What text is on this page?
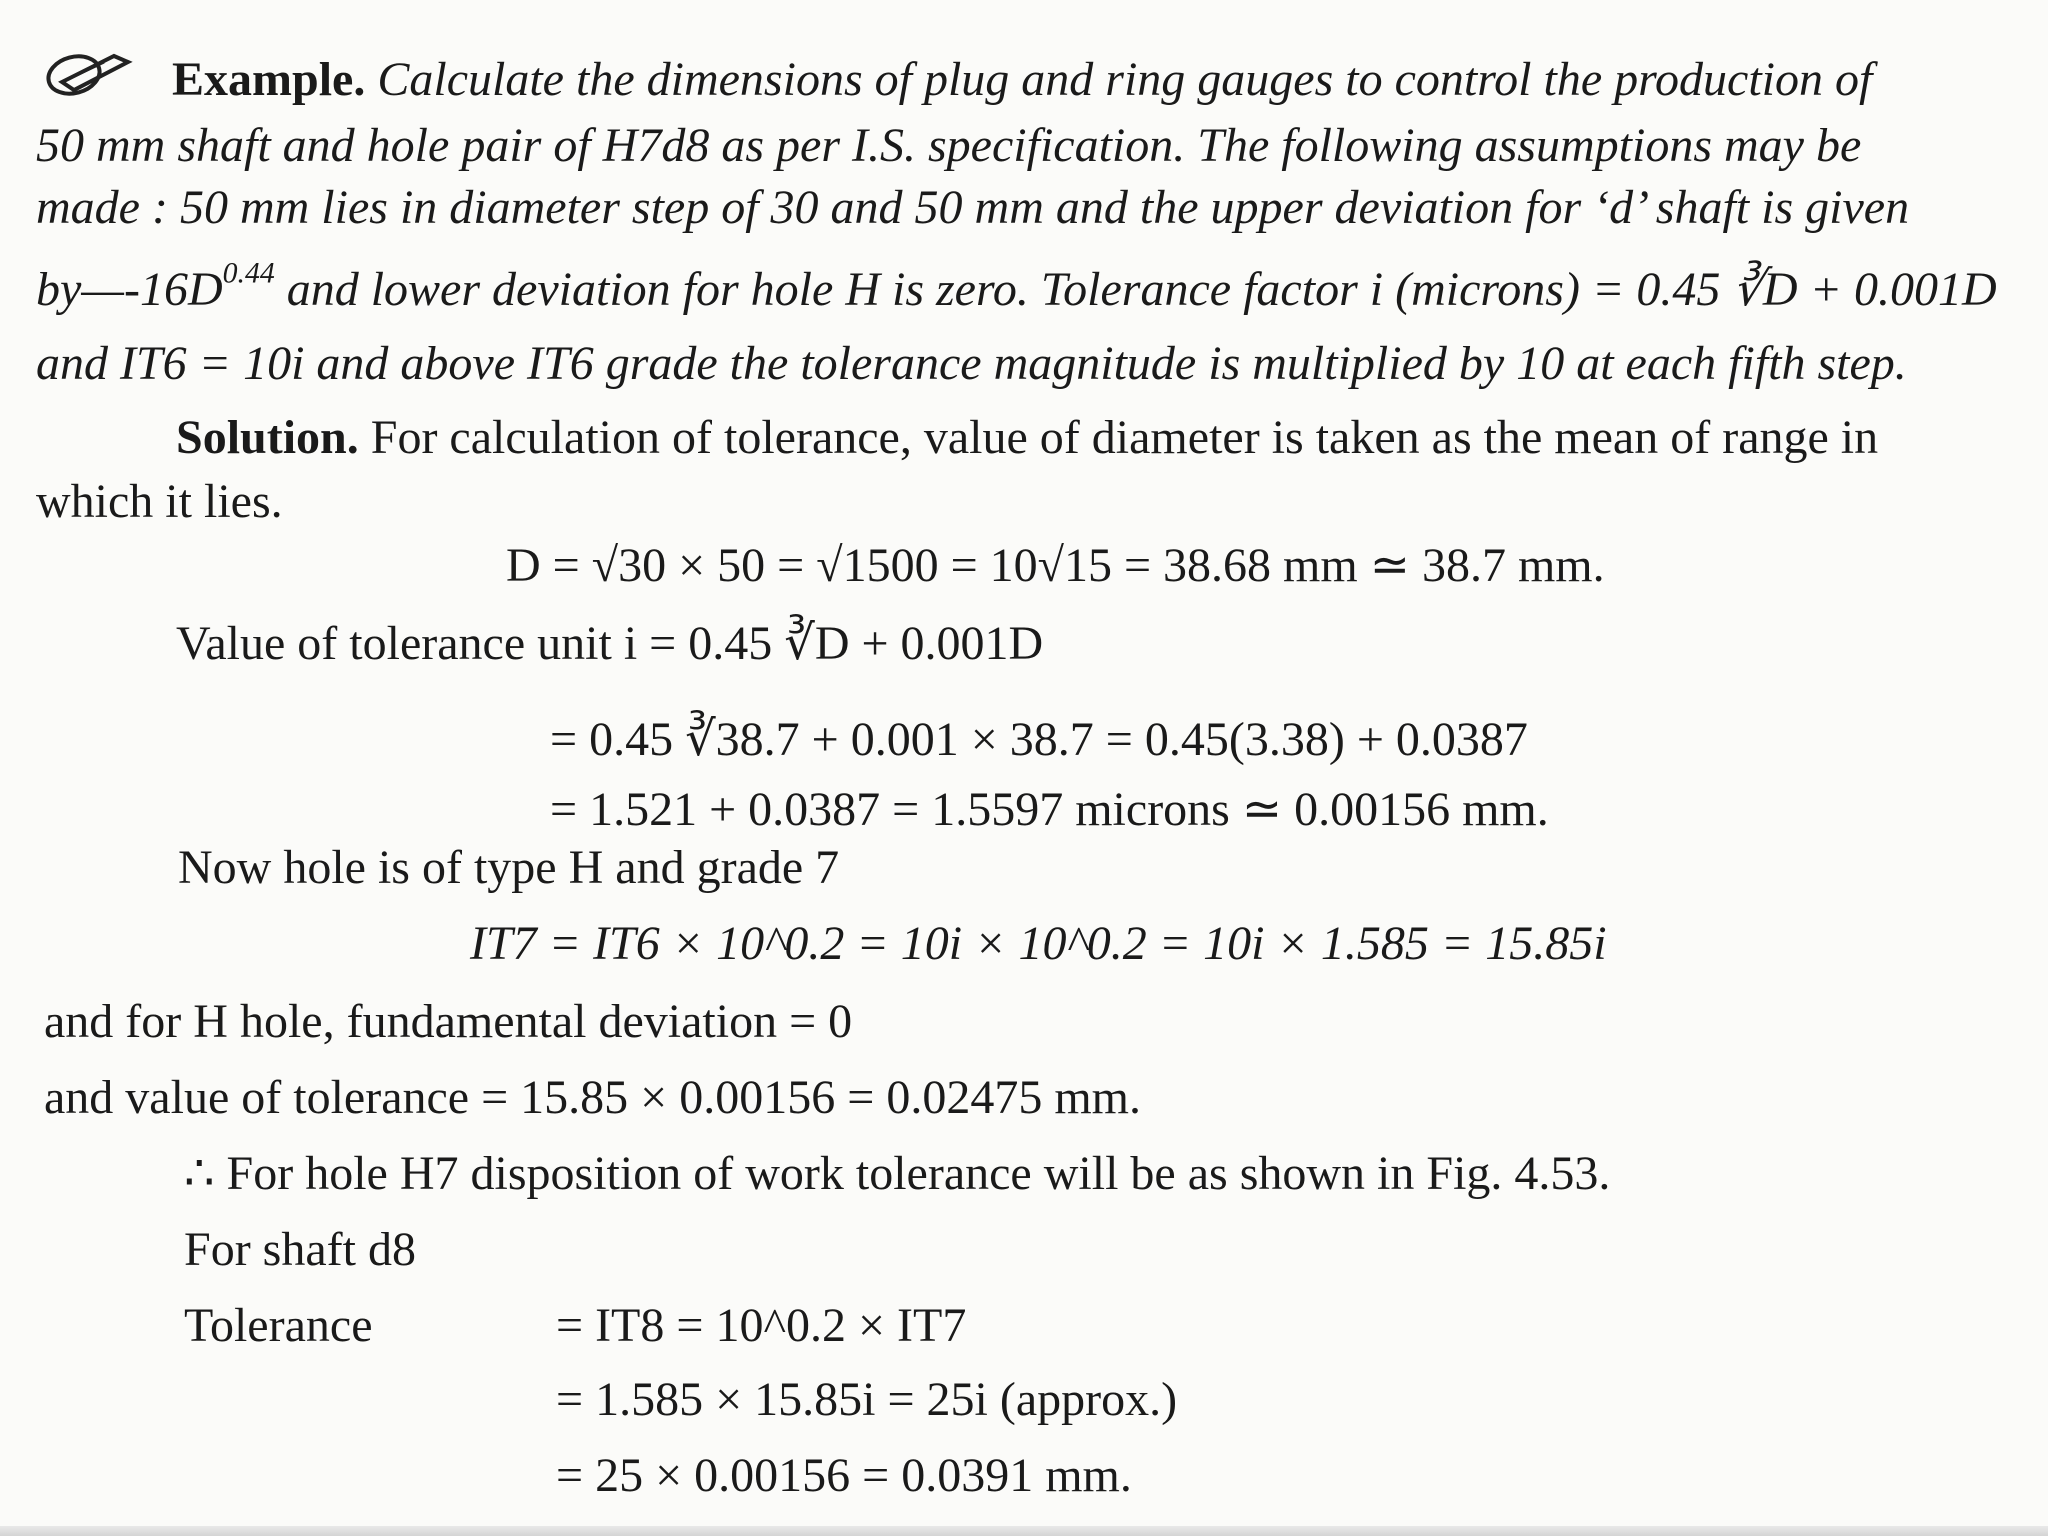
Example. Calculate the dimensions of plug and ring gauges to control the production of
50 mm shaft and hole pair of H7d8 as per I.S. specification. The following assumptions may be
made : 50 mm lies in diameter step of 30 and 50 mm and the upper deviation for ‘d’ shaft is given
$by—-16D^{0.44}$ and lower deviation for hole H is zero. Tolerance factor i (microns) = 0.45 ∛D + 0.001D
and IT6 = 10i and above IT6 grade the tolerance magnitude is multiplied by 10 at each fifth step.
Solution. For calculation of tolerance, value of diameter is taken as the mean of range in
which it lies.
D = √30 × 50 = √1500 = 10√15 = 38.68 mm ≃ 38.7 mm.
Value of tolerance unit i = 0.45 ∛D + 0.001D
= 0.45 ∛38.7 + 0.001 × 38.7 = 0.45(3.38) + 0.0387
= 1.521 + 0.0387 = 1.5597 microns ≃ 0.00156 mm.
Now hole is of type H and grade 7
IT7 = IT6 × 10^0.2 = 10i × 10^0.2 = 10i × 1.585 = 15.85i
and for H hole, fundamental deviation = 0
and value of tolerance = 15.85 × 0.00156 = 0.02475 mm.
∴ For hole H7 disposition of work tolerance will be as shown in Fig. 4.53.
For shaft d8
Tolerance	= IT8 = 10^0.2 × IT7
= 1.585 × 15.85i = 25i (approx.)
= 25 × 0.00156 = 0.0391 mm.
